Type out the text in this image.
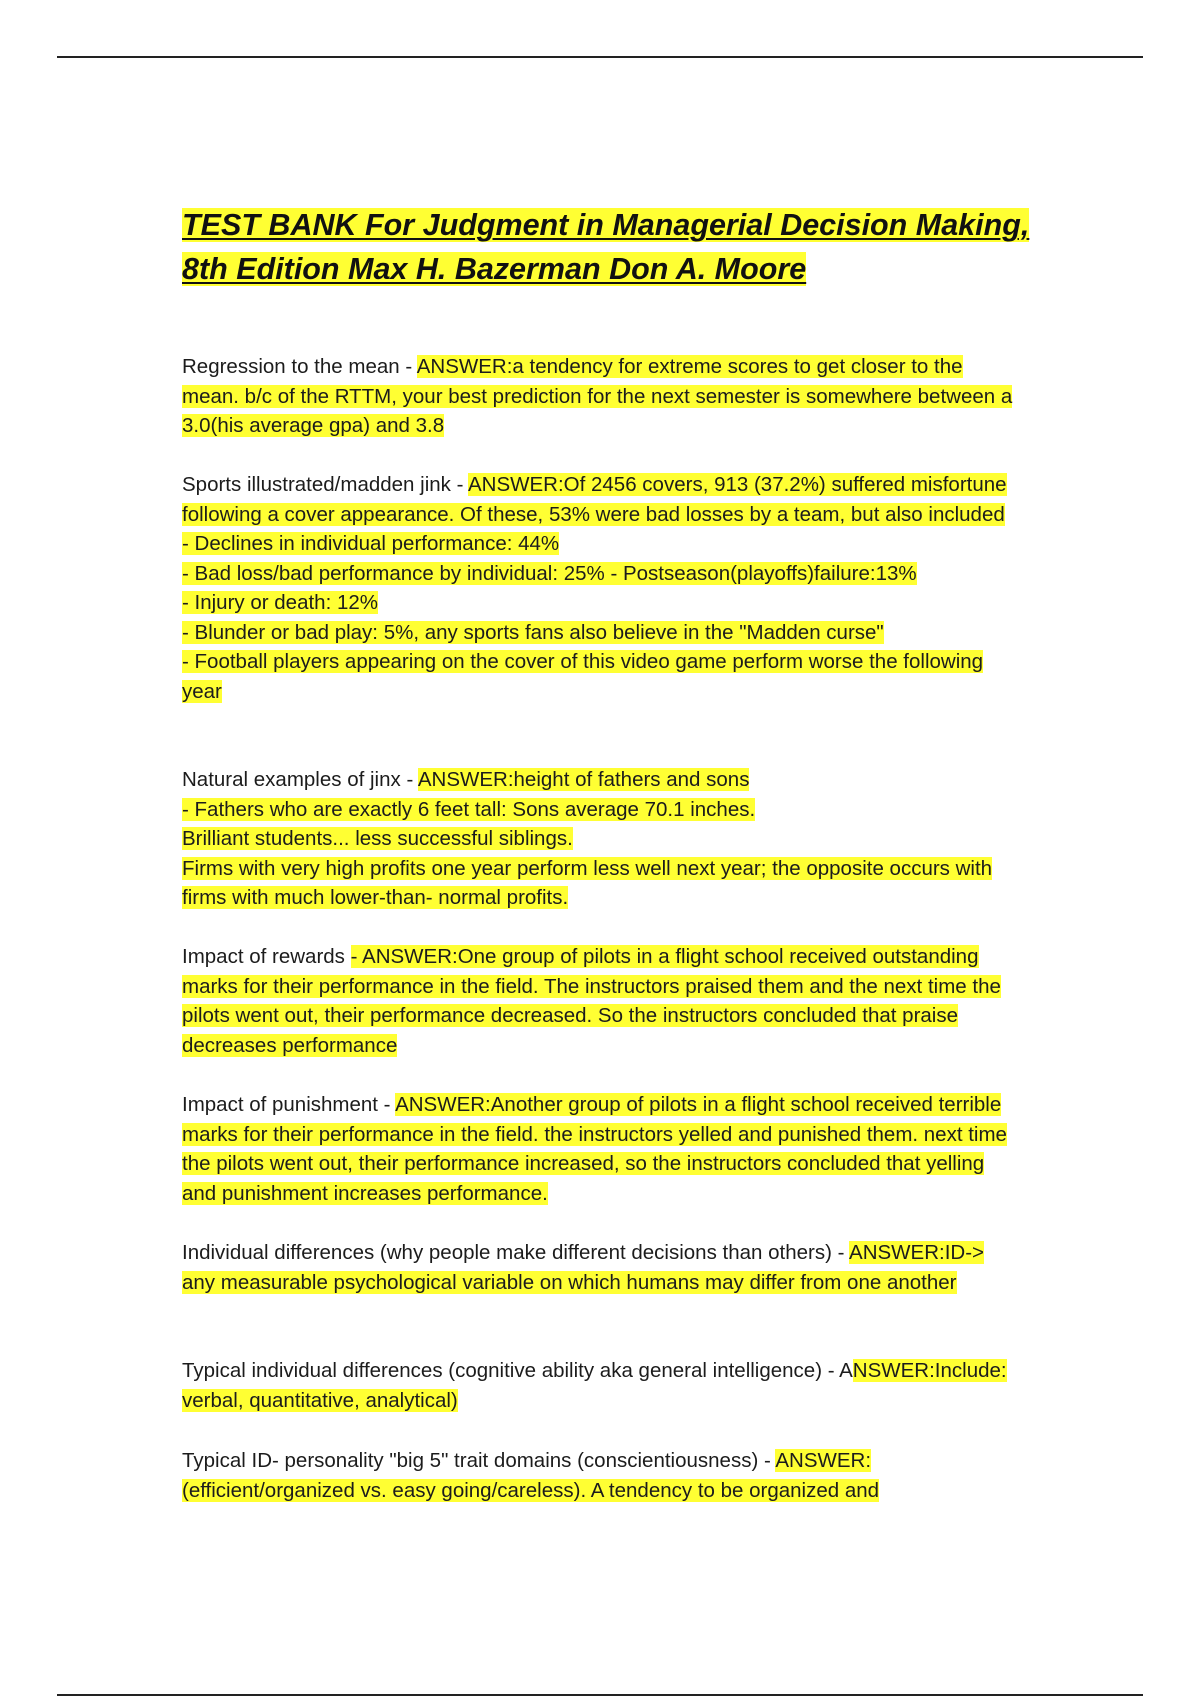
TEST BANK For Judgment in Managerial Decision Making, 8th Edition Max H. Bazerman Don A. Moore

Regression to the mean - ANSWER:a tendency for extreme scores to get closer to the mean. b/c of the RTTM, your best prediction for the next semester is somewhere between a 3.0(his average gpa) and 3.8

Sports illustrated/madden jink - ANSWER:Of 2456 covers, 913 (37.2%) suffered misfortune following a cover appearance. Of these, 53% were bad losses by a team, but also included
- Declines in individual performance: 44%
- Bad loss/bad performance by individual: 25% - Postseason(playoffs)failure:13%
- Injury or death: 12%
- Blunder or bad play: 5%, any sports fans also believe in the "Madden curse"
- Football players appearing on the cover of this video game perform worse the following year

Natural examples of jinx - ANSWER:height of fathers and sons
- Fathers who are exactly 6 feet tall: Sons average 70.1 inches.
Brilliant students... less successful siblings.
Firms with very high profits one year perform less well next year; the opposite occurs with firms with much lower-than- normal profits.

Impact of rewards - ANSWER:One group of pilots in a flight school received outstanding marks for their performance in the field. The instructors praised them and the next time the pilots went out, their performance decreased. So the instructors concluded that praise decreases performance

Impact of punishment - ANSWER:Another group of pilots in a flight school received terrible marks for their performance in the field. the instructors yelled and punished them. next time the pilots went out, their performance increased, so the instructors concluded that yelling and punishment increases performance.

Individual differences (why people make different decisions than others) - ANSWER:ID-> any measurable psychological variable on which humans may differ from one another

Typical individual differences (cognitive ability aka general intelligence) - ANSWER:Include: verbal, quantitative, analytical)

Typical ID- personality "big 5" trait domains (conscientiousness) - ANSWER: (efficient/organized vs. easy going/careless). A tendency to be organized and
